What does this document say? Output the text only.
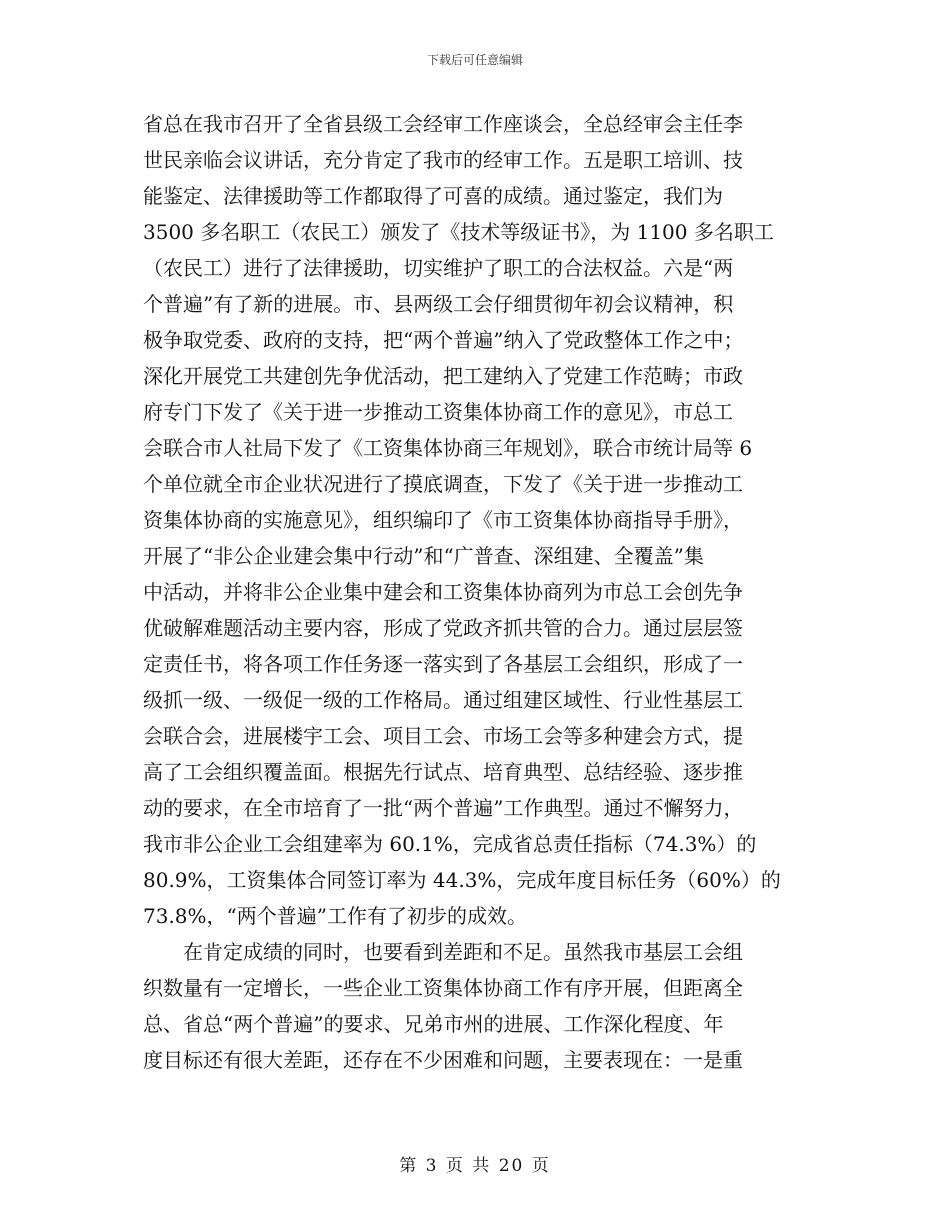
下载后可任意编辑
省总在我市召开了全省县级工会经审工作座谈会，全总经审会主任李
世民亲临会议讲话，充分肯定了我市的经审工作。五是职工培训、技
能鉴定、法律援助等工作都取得了可喜的成绩。通过鉴定，我们为
3500 多名职工（农民工）颁发了《技术等级证书》，为 1100 多名职工
（农民工）进行了法律援助，切实维护了职工的合法权益。六是“两
个普遍”有了新的进展。市、县两级工会仔细贯彻年初会议精神，积
极争取党委、政府的支持，把“两个普遍”纳入了党政整体工作之中；
深化开展党工共建创先争优活动，把工建纳入了党建工作范畴；市政
府专门下发了《关于进一步推动工资集体协商工作的意见》，市总工
会联合市人社局下发了《工资集体协商三年规划》，联合市统计局等 6
个单位就全市企业状况进行了摸底调查，下发了《关于进一步推动工
资集体协商的实施意见》，组织编印了《市工资集体协商指导手册》，
开展了“非公企业建会集中行动”和“广普查、深组建、全覆盖”集
中活动，并将非公企业集中建会和工资集体协商列为市总工会创先争
优破解难题活动主要内容，形成了党政齐抓共管的合力。通过层层签
定责任书，将各项工作任务逐一落实到了各基层工会组织，形成了一
级抓一级、一级促一级的工作格局。通过组建区域性、行业性基层工
会联合会，进展楼宇工会、项目工会、市场工会等多种建会方式，提
高了工会组织覆盖面。根据先行试点、培育典型、总结经验、逐步推
动的要求，在全市培育了一批“两个普遍”工作典型。通过不懈努力，
我市非公企业工会组建率为 60.1%，完成省总责任指标（74.3%）的
80.9%，工资集体合同签订率为 44.3%，完成年度目标任务（60%）的
73.8%，“两个普遍”工作有了初步的成效。
在肯定成绩的同时，也要看到差距和不足。虽然我市基层工会组
织数量有一定增长，一些企业工资集体协商工作有序开展，但距离全
总、省总“两个普遍”的要求、兄弟市州的进展、工作深化程度、年
度目标还有很大差距，还存在不少困难和问题，主要表现在：一是重
第 3 页 共 20 页
